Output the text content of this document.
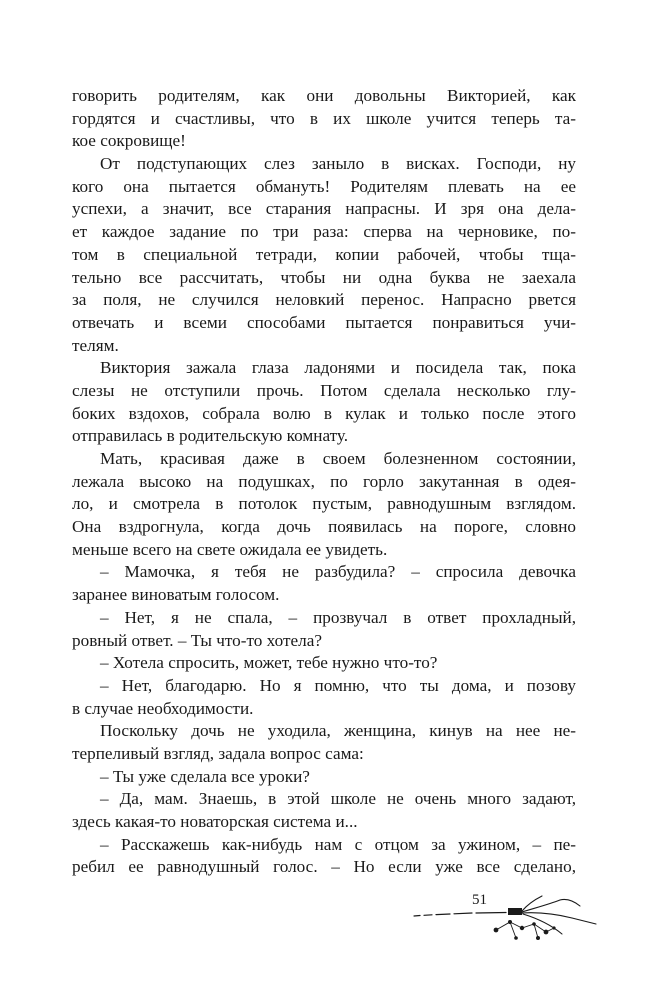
говорить родителям, как они довольны Викторией, как
гордятся и счастливы, что в их школе учится теперь та-
кое сокровище!
От подступающих слез заныло в висках. Господи, ну
кого она пытается обмануть! Родителям плевать на ее
успехи, а значит, все старания напрасны. И зря она дела-
ет каждое задание по три раза: сперва на черновике, по-
том в специальной тетради, копии рабочей, чтобы тща-
тельно все рассчитать, чтобы ни одна буква не заехала
за поля, не случился неловкий перенос. Напрасно рвется
отвечать и всеми способами пытается понравиться учи-
телям.
Виктория зажала глаза ладонями и посидела так, пока
слезы не отступили прочь. Потом сделала несколько глу-
боких вздохов, собрала волю в кулак и только после этого
отправилась в родительскую комнату.
Мать, красивая даже в своем болезненном состоянии,
лежала высоко на подушках, по горло закутанная в одея-
ло, и смотрела в потолок пустым, равнодушным взглядом.
Она вздрогнула, когда дочь появилась на пороге, словно
меньше всего на свете ожидала ее увидеть.
– Мамочка, я тебя не разбудила? – спросила девочка
заранее виноватым голосом.
– Нет, я не спала, – прозвучал в ответ прохладный,
ровный ответ. – Ты что-то хотела?
– Хотела спросить, может, тебе нужно что-то?
– Нет, благодарю. Но я помню, что ты дома, и позову
в случае необходимости.
Поскольку дочь не уходила, женщина, кинув на нее не-
терпеливый взгляд, задала вопрос сама:
– Ты уже сделала все уроки?
– Да, мам. Знаешь, в этой школе не очень много задают,
здесь какая-то новаторская система и...
– Расскажешь как-нибудь нам с отцом за ужином, – пе-
ребил ее равнодушный голос. – Но если уже все сделано,
51
